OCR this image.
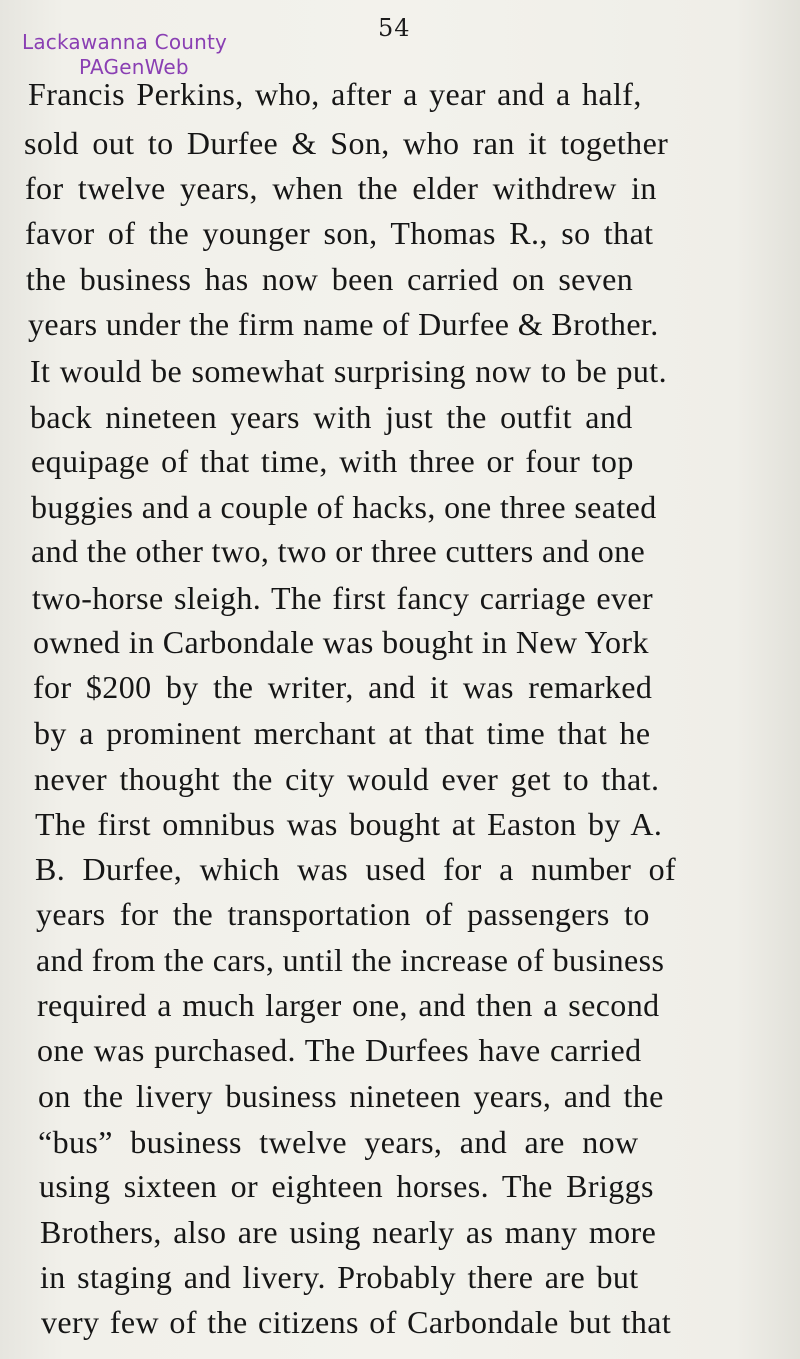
Lackawanna County
PAGenWeb
54
Francis Perkins, who, after a year and a half,
sold out to Durfee & Son, who ran it together
for twelve years, when the elder withdrew in
favor of the younger son, Thomas R., so that
the business has now been carried on seven
years under the firm name of Durfee & Brother.
It would be somewhat surprising now to be put.
back nineteen years with just the outfit and
equipage of that time, with three or four top
buggies and a couple of hacks, one three seated
and the other two, two or three cutters and one
two-horse sleigh. The first fancy carriage ever
owned in Carbondale was bought in New York
for $200 by the writer, and it was remarked
by a prominent merchant at that time that he
never thought the city would ever get to that.
The first omnibus was bought at Easton by A.
B. Durfee, which was used for a number of
years for the transportation of passengers to
and from the cars, until the increase of business
required a much larger one, and then a second
one was purchased. The Durfees have carried
on the livery business nineteen years, and the
“bus” business twelve years, and are now
using sixteen or eighteen horses. The Briggs
Brothers, also are using nearly as many more
in staging and livery. Probably there are but
very few of the citizens of Carbondale but that
